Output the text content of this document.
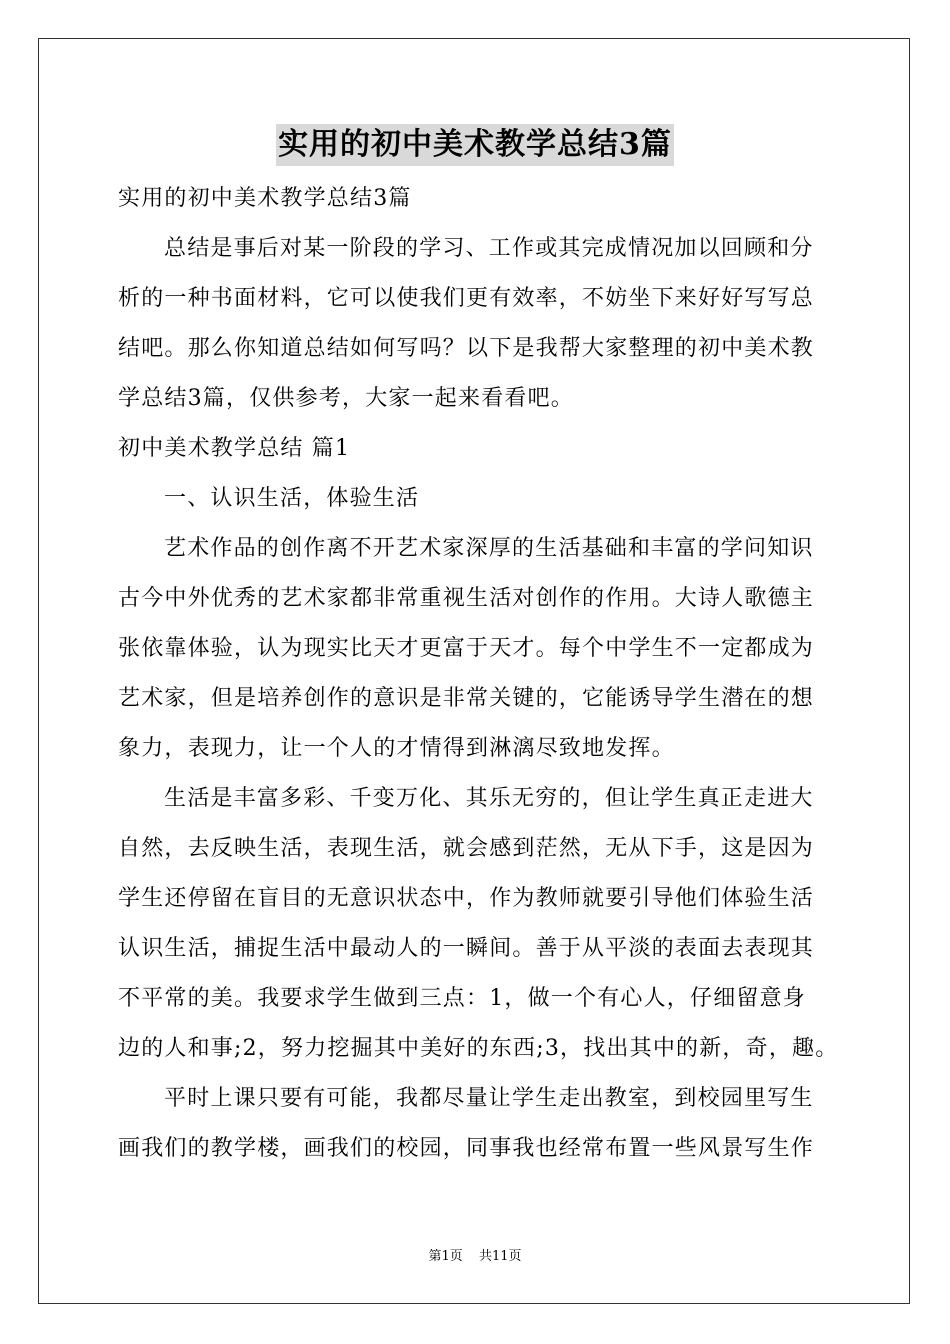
实用的初中美术教学总结3篇
实用的初中美术教学总结3篇
总结是事后对某一阶段的学习、工作或其完成情况加以回顾和分
析的一种书面材料，它可以使我们更有效率，不妨坐下来好好写写总
结吧。那么你知道总结如何写吗？以下是我帮大家整理的初中美术教
学总结3篇，仅供参考，大家一起来看看吧。
初中美术教学总结 篇1
一、认识生活，体验生活
艺术作品的创作离不开艺术家深厚的生活基础和丰富的学问知识
古今中外优秀的艺术家都非常重视生活对创作的作用。大诗人歌德主
张依靠体验，认为现实比天才更富于天才。每个中学生不一定都成为
艺术家，但是培养创作的意识是非常关键的，它能诱导学生潜在的想
象力，表现力，让一个人的才情得到淋漓尽致地发挥。
生活是丰富多彩、千变万化、其乐无穷的，但让学生真正走进大
自然，去反映生活，表现生活，就会感到茫然，无从下手，这是因为
学生还停留在盲目的无意识状态中，作为教师就要引导他们体验生活
认识生活，捕捉生活中最动人的一瞬间。善于从平淡的表面去表现其
不平常的美。我要求学生做到三点：1，做一个有心人，仔细留意身
边的人和事;2，努力挖掘其中美好的东西;3，找出其中的新，奇，趣。
平时上课只要有可能，我都尽量让学生走出教室，到校园里写生
画我们的教学楼，画我们的校园，同事我也经常布置一些风景写生作
第1页 共11页
